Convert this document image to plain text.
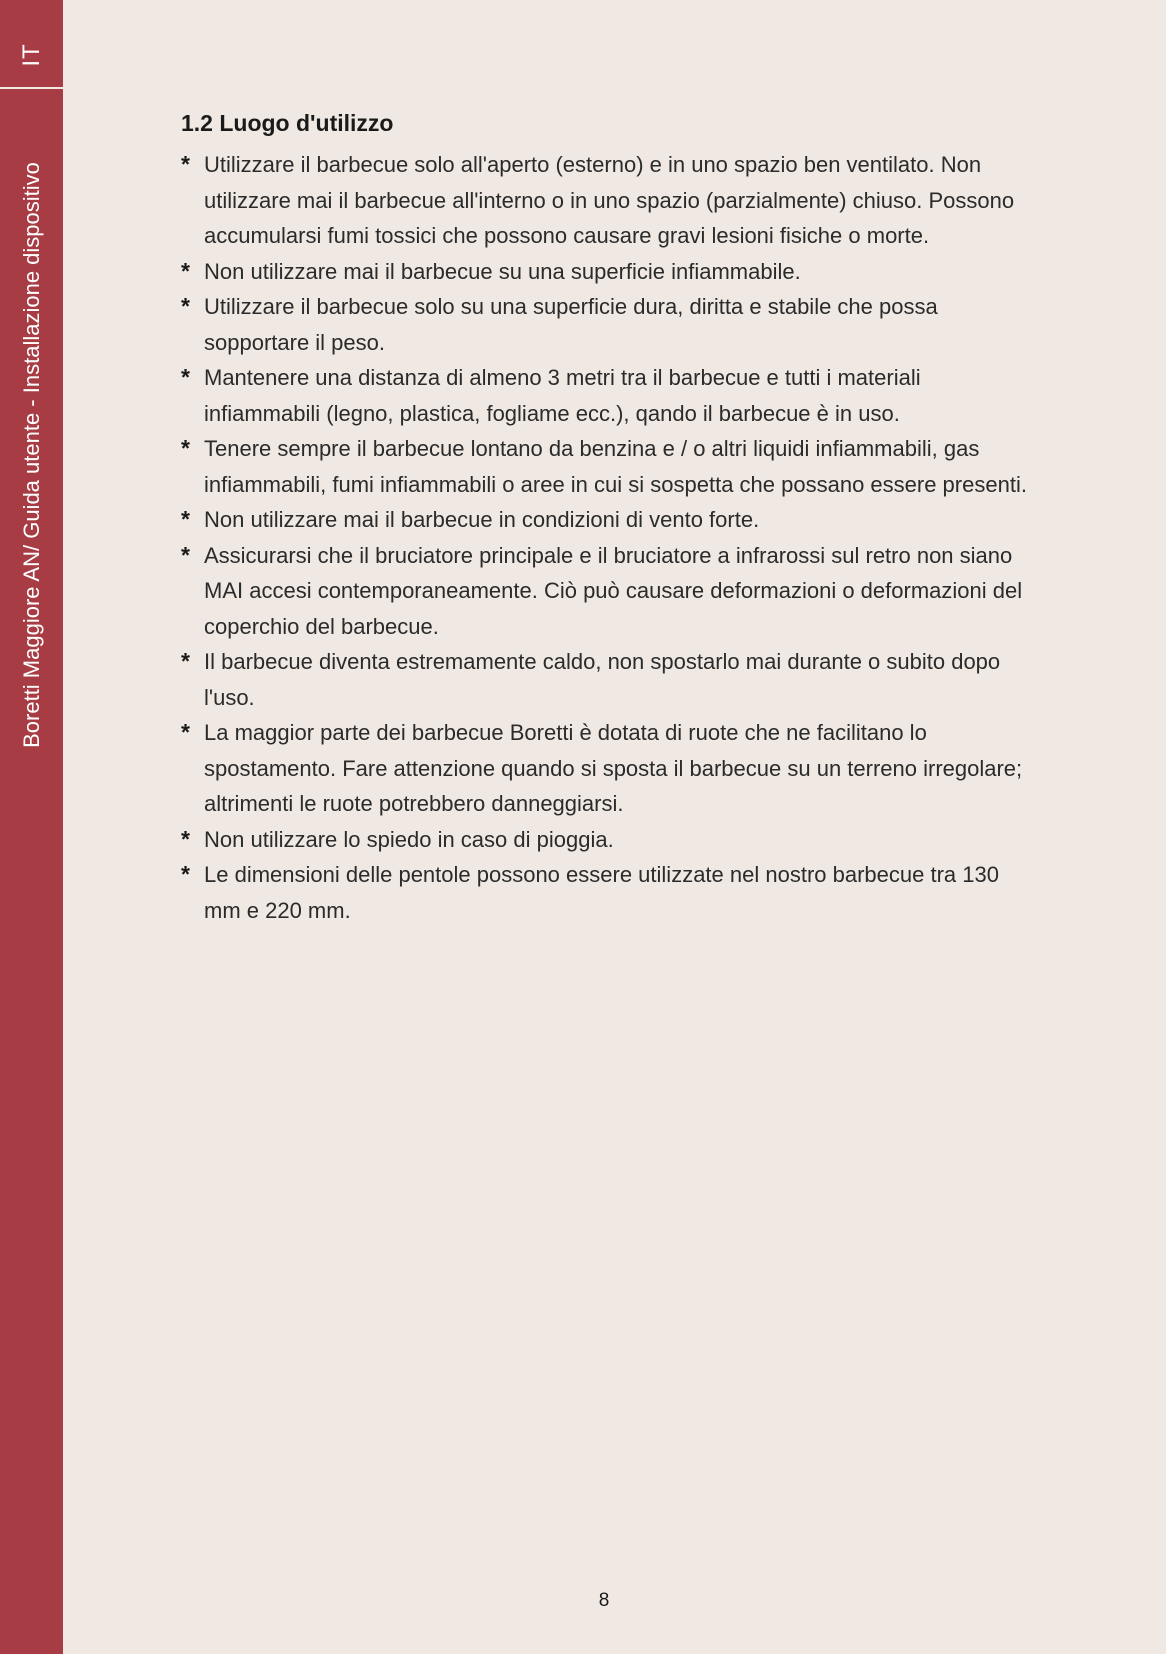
IT
Boretti Maggiore AN/ Guida utente - Installazione dispositivo
1.2 Luogo d'utilizzo
* Utilizzare il barbecue solo all'aperto (esterno) e in uno spazio ben ventilato. Non utilizzare mai il barbecue all'interno o in uno spazio (parzialmente) chiuso. Possono accumularsi fumi tossici che possono causare gravi lesioni fisiche o morte.
* Non utilizzare mai il barbecue su una superficie infiammabile.
* Utilizzare il barbecue solo su una superficie dura, diritta e stabile che possa sopportare il peso.
* Mantenere una distanza di almeno 3 metri tra il barbecue e tutti i materiali infiammabili (legno, plastica, fogliame ecc.), qando il barbecue è in uso.
* Tenere sempre il barbecue lontano da benzina e / o altri liquidi infiammabili, gas infiammabili, fumi infiammabili o aree in cui si sospetta che possano essere presenti.
* Non utilizzare mai il barbecue in condizioni di vento forte.
* Assicurarsi che il bruciatore principale e il bruciatore a infrarossi sul retro non siano MAI accesi contemporaneamente. Ciò può causare deformazioni o deformazioni del coperchio del barbecue.
* Il barbecue diventa estremamente caldo, non spostarlo mai durante o subito dopo l'uso.
* La maggior parte dei barbecue Boretti è dotata di ruote che ne facilitano lo spostamento. Fare attenzione quando si sposta il barbecue su un terreno irregolare; altrimenti le ruote potrebbero danneggiarsi.
* Non utilizzare lo spiedo in caso di pioggia.
* Le dimensioni delle pentole possono essere utilizzate nel nostro barbecue tra 130 mm e 220 mm.
8
